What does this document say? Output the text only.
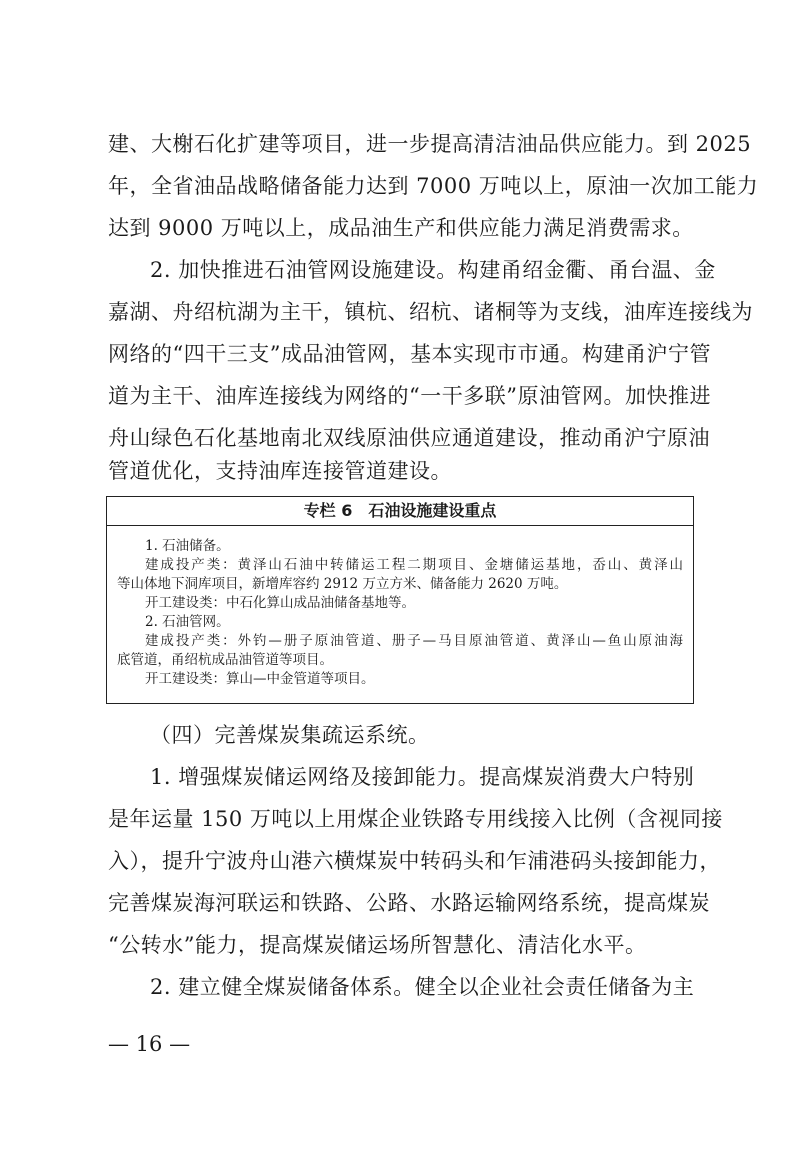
建、大榭石化扩建等项目，进一步提高清洁油品供应能力。到 2025
年，全省油品战略储备能力达到 7000 万吨以上，原油一次加工能力
达到 9000 万吨以上，成品油生产和供应能力满足消费需求。
2. 加快推进石油管网设施建设。构建甬绍金衢、甬台温、金
嘉湖、舟绍杭湖为主干，镇杭、绍杭、诸桐等为支线，油库连接线为
网络的“四干三支”成品油管网，基本实现市市通。构建甬沪宁管
道为主干、油库连接线为网络的“一干多联”原油管网。加快推进
舟山绿色石化基地南北双线原油供应通道建设，推动甬沪宁原油
管道优化，支持油库连接管道建设。
专栏 6　石油设施建设重点
1. 石油储备。
建成投产类：黄泽山石油中转储运工程二期项目、金塘储运基地，岙山、黄泽山
等山体地下洞库项目，新增库容约 2912 万立方米、储备能力 2620 万吨。
开工建设类：中石化算山成品油储备基地等。
2. 石油管网。
建成投产类：外钓—册子原油管道、册子—马目原油管道、黄泽山—鱼山原油海
底管道，甬绍杭成品油管道等项目。
开工建设类：算山—中金管道等项目。
（四）完善煤炭集疏运系统。
1. 增强煤炭储运网络及接卸能力。提高煤炭消费大户特别
是年运量 150 万吨以上用煤企业铁路专用线接入比例（含视同接
入），提升宁波舟山港六横煤炭中转码头和乍浦港码头接卸能力，
完善煤炭海河联运和铁路、公路、水路运输网络系统，提高煤炭
“公转水”能力，提高煤炭储运场所智慧化、清洁化水平。
2. 建立健全煤炭储备体系。健全以企业社会责任储备为主
— 16 —
